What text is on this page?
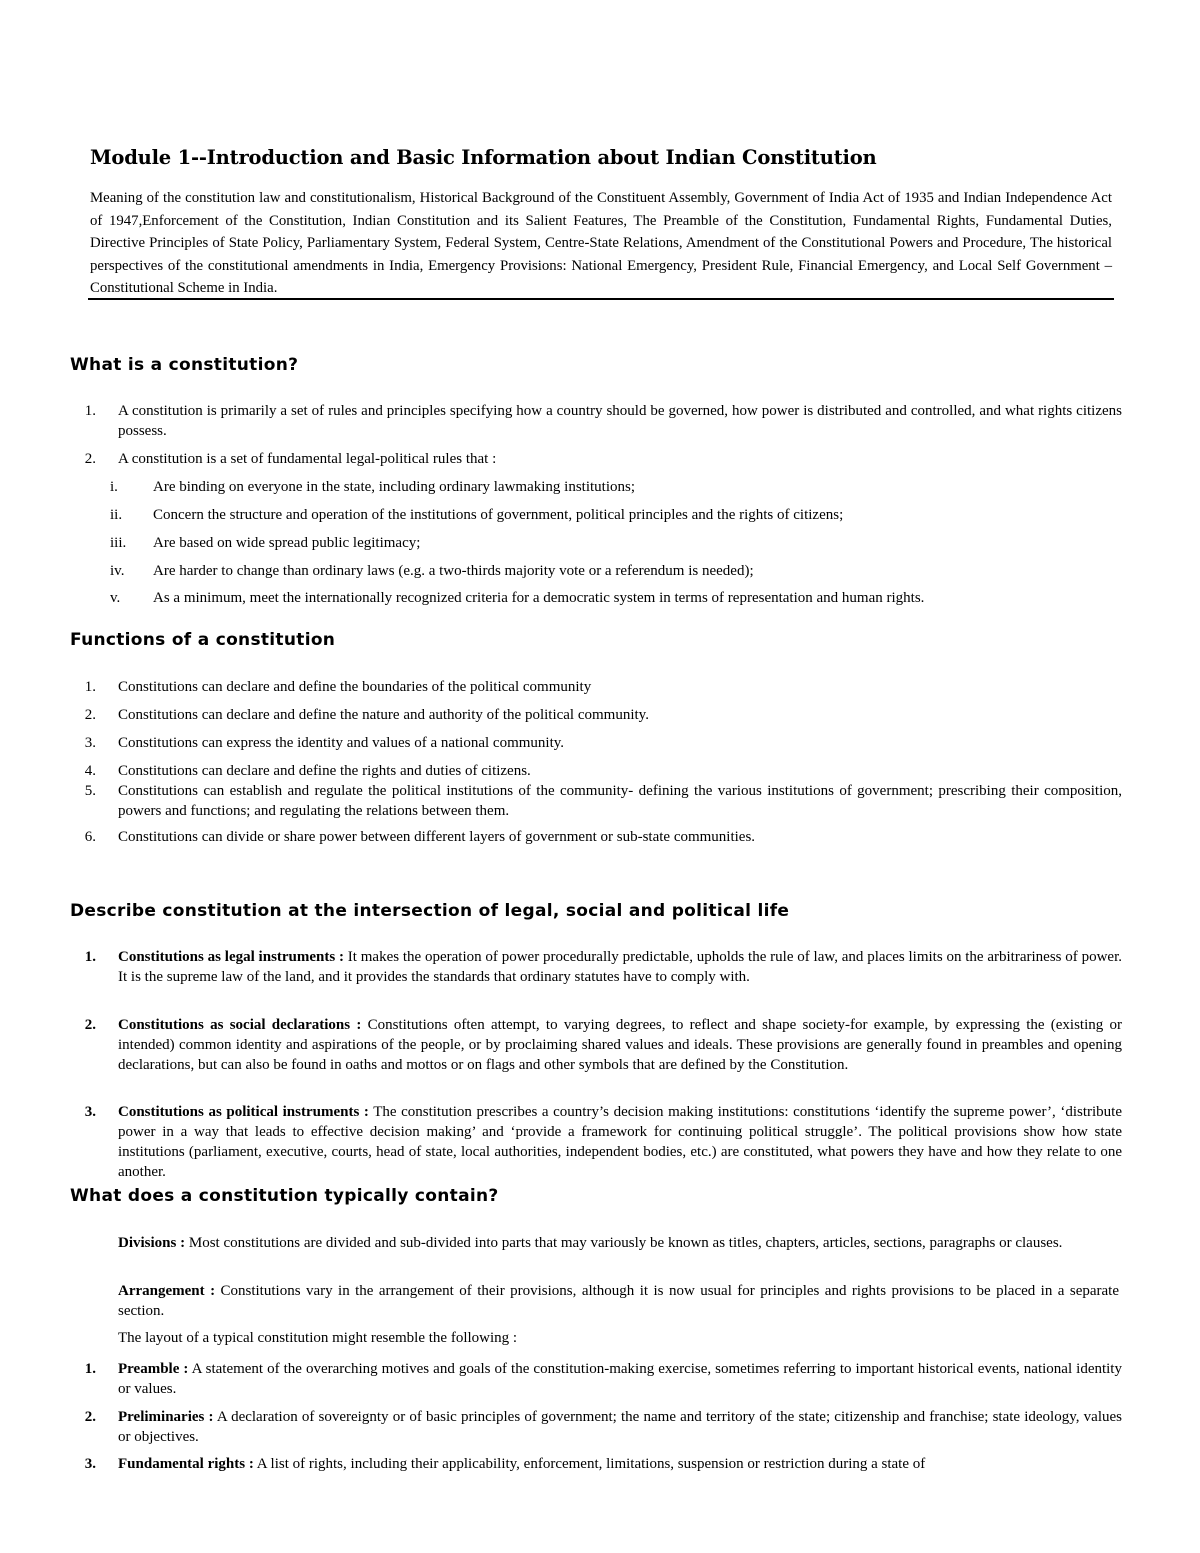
Module 1--Introduction and Basic Information about Indian Constitution
Meaning of the constitution law and constitutionalism, Historical Background of the Constituent Assembly, Government of India Act of 1935 and Indian Independence Act of 1947,Enforcement of the Constitution, Indian Constitution and its Salient Features, The Preamble of the Constitution, Fundamental Rights, Fundamental Duties, Directive Principles of State Policy, Parliamentary System, Federal System, Centre-State Relations, Amendment of the Constitutional Powers and Procedure, The historical perspectives of the constitutional amendments in India, Emergency Provisions: National Emergency, President Rule, Financial Emergency, and Local Self Government – Constitutional Scheme in India.
What is a constitution?
1. A constitution is primarily a set of rules and principles specifying how a country should be governed, how power is distributed and controlled, and what rights citizens possess.
2. A constitution is a set of fundamental legal-political rules that :
i.	Are binding on everyone in the state, including ordinary lawmaking institutions;
ii.	Concern the structure and operation of the institutions of government, political principles and the rights of citizens;
iii. Are based on wide spread public legitimacy;
iv.	Are harder to change than ordinary laws (e.g. a two-thirds majority vote or a referendum is needed);
v.	As a minimum, meet the internationally recognized criteria for a democratic system in terms of representation and human rights.
Functions of a constitution
1. Constitutions can declare and define the boundaries of the political community
2. Constitutions can declare and define the nature and authority of the political community.
3. Constitutions can express the identity and values of a national community.
4. Constitutions can declare and define the rights and duties of citizens.
5. Constitutions can establish and regulate the political institutions of the community- defining the various institutions of government; prescribing their composition, powers and functions; and regulating the relations between them.
6. Constitutions can divide or share power between different layers of government or sub-state communities.
Describe constitution at the intersection of legal, social and political life
1. Constitutions as legal instruments : It makes the operation of power procedurally predictable, upholds the rule of law, and places limits on the arbitrariness of power. It is the supreme law of the land, and it provides the standards that ordinary statutes have to comply with.
2. Constitutions as social declarations : Constitutions often attempt, to varying degrees, to reflect and shape society-for example, by expressing the (existing or intended) common identity and aspirations of the people, or by proclaiming shared values and ideals. These provisions are generally found in preambles and opening declarations, but can also be found in oaths and mottos or on flags and other symbols that are defined by the Constitution.
3. Constitutions as political instruments : The constitution prescribes a country’s decision making institutions: constitutions ‘identify the supreme power’, ‘distribute power in a way that leads to effective decision making’ and ‘provide a framework for continuing political struggle’. The political provisions show how state institutions (parliament, executive, courts, head of state, local authorities, independent bodies, etc.) are constituted, what powers they have and how they relate to one another.
What does a constitution typically contain?
Divisions : Most constitutions are divided and sub-divided into parts that may variously be known as titles, chapters, articles, sections, paragraphs or clauses.
Arrangement : Constitutions vary in the arrangement of their provisions, although it is now usual for principles and rights provisions to be placed in a separate section.
The layout of a typical constitution might resemble the following :
1. Preamble : A statement of the overarching motives and goals of the constitution-making exercise, sometimes referring to important historical events, national identity or values.
2. Preliminaries : A declaration of sovereignty or of basic principles of government; the name and territory of the state; citizenship and franchise; state ideology, values or objectives.
3. Fundamental rights : A list of rights, including their applicability, enforcement, limitations, suspension or restriction during a state of
